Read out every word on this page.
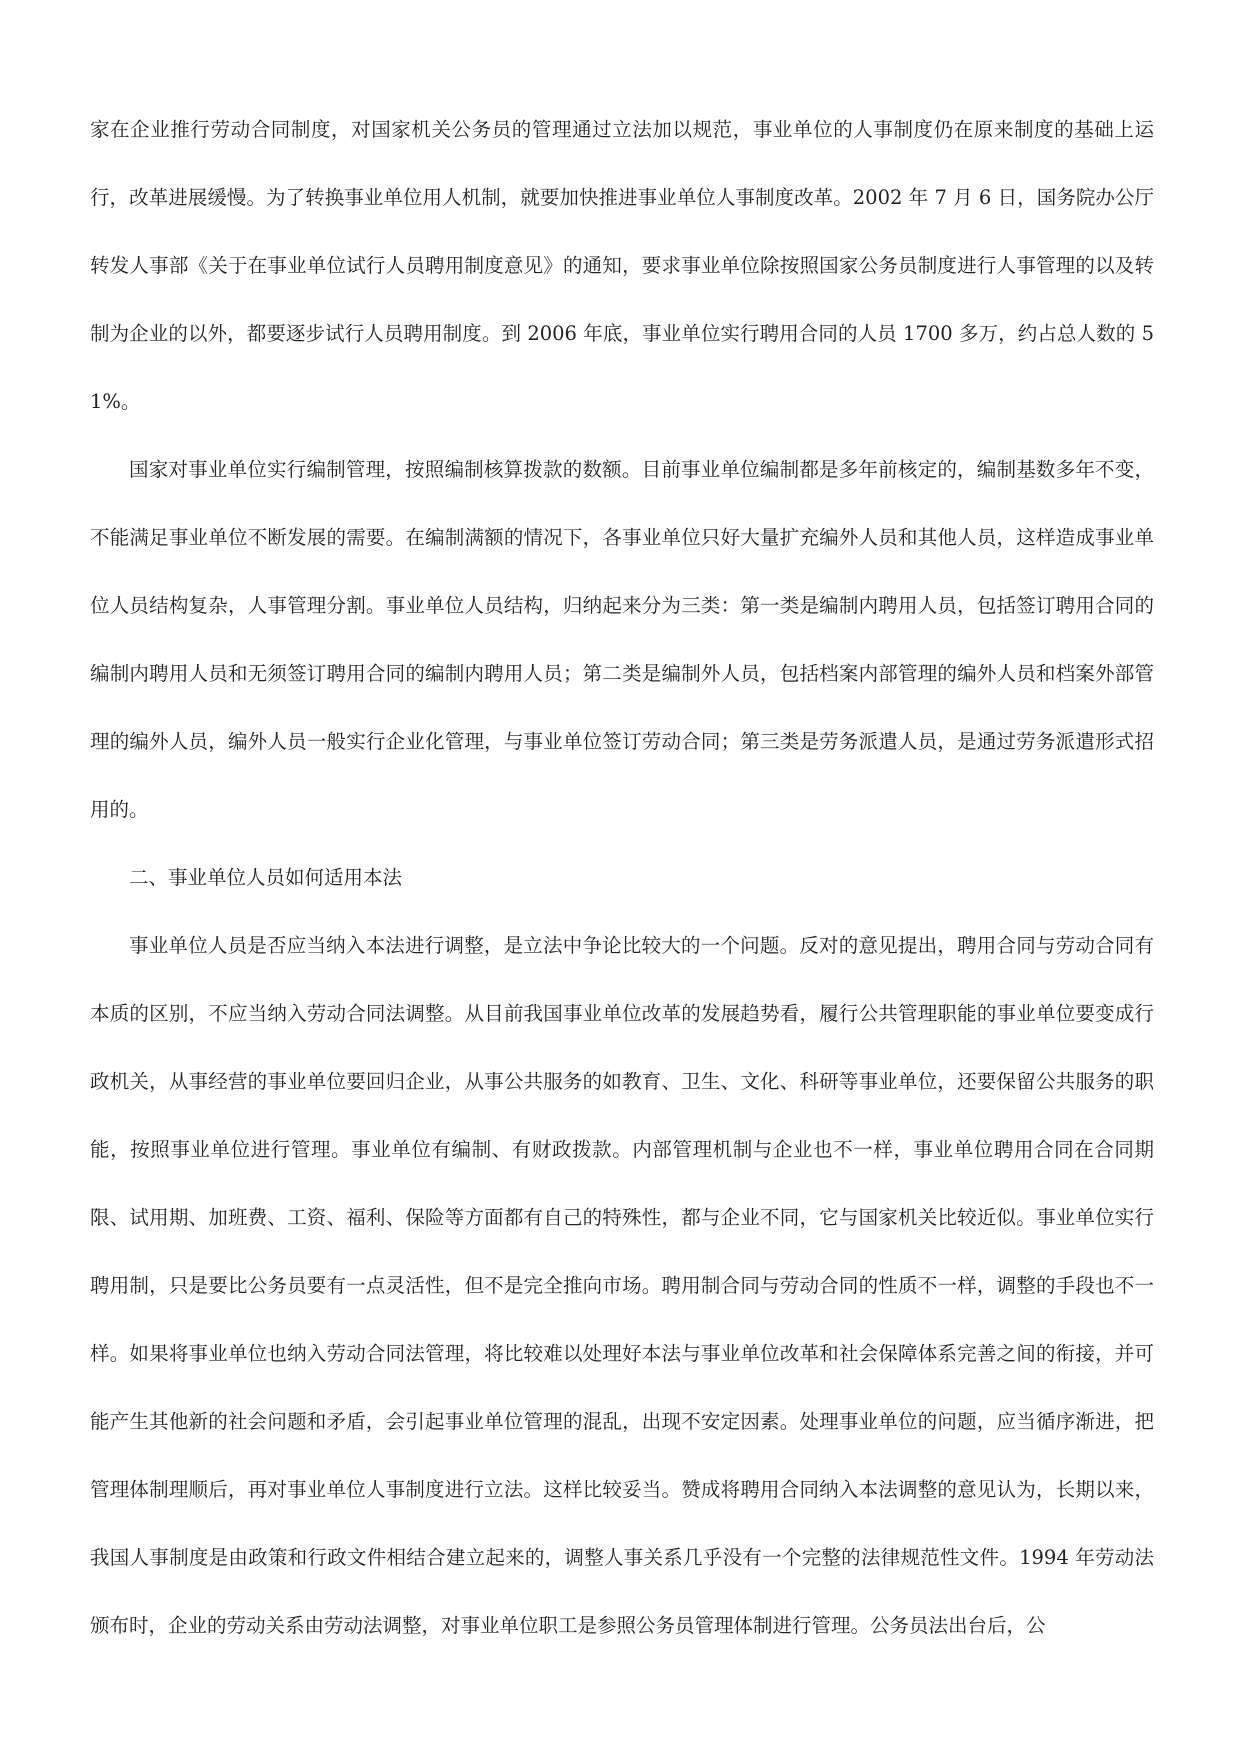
家在企业推行劳动合同制度，对国家机关公务员的管理通过立法加以规范，事业单位的人事制度仍在原来制度的基础上运行，改革进展缓慢。为了转换事业单位用人机制，就要加快推进事业单位人事制度改革。2002 年 7 月 6 日，国务院办公厅转发人事部《关于在事业单位试行人员聘用制度意见》的通知，要求事业单位除按照国家公务员制度进行人事管理的以及转制为企业的以外，都要逐步试行人员聘用制度。到 2006 年底，事业单位实行聘用合同的人员 1700 多万，约占总人数的 51%。

国家对事业单位实行编制管理，按照编制核算拨款的数额。目前事业单位编制都是多年前核定的，编制基数多年不变，不能满足事业单位不断发展的需要。在编制满额的情况下，各事业单位只好大量扩充编外人员和其他人员，这样造成事业单位人员结构复杂，人事管理分割。事业单位人员结构，归纳起来分为三类：第一类是编制内聘用人员，包括签订聘用合同的编制内聘用人员和无须签订聘用合同的编制内聘用人员；第二类是编制外人员，包括档案内部管理的编外人员和档案外部管理的编外人员，编外人员一般实行企业化管理，与事业单位签订劳动合同；第三类是劳务派遣人员，是通过劳务派遣形式招用的。

二、事业单位人员如何适用本法

事业单位人员是否应当纳入本法进行调整，是立法中争论比较大的一个问题。反对的意见提出，聘用合同与劳动合同有本质的区别，不应当纳入劳动合同法调整。从目前我国事业单位改革的发展趋势看，履行公共管理职能的事业单位要变成行政机关，从事经营的事业单位要回归企业，从事公共服务的如教育、卫生、文化、科研等事业单位，还要保留公共服务的职能，按照事业单位进行管理。事业单位有编制、有财政拨款。内部管理机制与企业也不一样，事业单位聘用合同在合同期限、试用期、加班费、工资、福利、保险等方面都有自己的特殊性，都与企业不同，它与国家机关比较近似。事业单位实行聘用制，只是要比公务员要有一点灵活性，但不是完全推向市场。聘用制合同与劳动合同的性质不一样，调整的手段也不一样。如果将事业单位也纳入劳动合同法管理，将比较难以处理好本法与事业单位改革和社会保障体系完善之间的衔接，并可能产生其他新的社会问题和矛盾，会引起事业单位管理的混乱，出现不安定因素。处理事业单位的问题，应当循序渐进，把管理体制理顺后，再对事业单位人事制度进行立法。这样比较妥当。赞成将聘用合同纳入本法调整的意见认为，长期以来，我国人事制度是由政策和行政文件相结合建立起来的，调整人事关系几乎没有一个完整的法律规范性文件。1994 年劳动法颁布时，企业的劳动关系由劳动法调整，对事业单位职工是参照公务员管理体制进行管理。公务员法出台后，公
